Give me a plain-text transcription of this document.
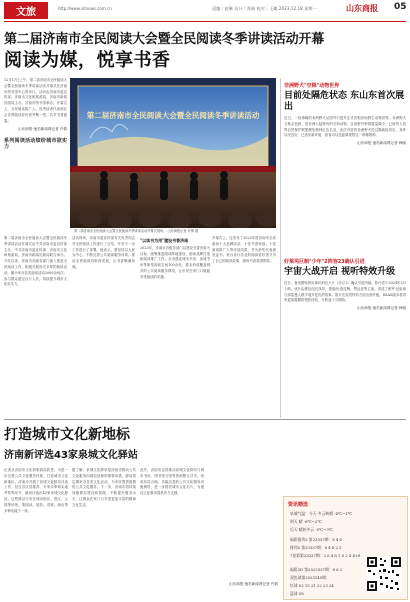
文旅	http://www.sdnews.com.cn	责编｜赵琳 设计｜苏瑞 校对｜王璐 2023.12.18 星期一	山东商报 05
第二届济南市全民阅读大会暨全民阅读冬季讲读活动开幕
阅读为媒，悦享书香
12月17日上午，第二届济南市全民阅读大会暨全民阅读冬季讲读活动开幕式在济南市图书馆中心馆举行。活动由济南市委宣传部、济南市文化和旅游局、济南市新闻出版局主办，济南市图书馆承办。开幕式上，全民阅读推广人、优秀读者代表和社会各界阅读爱好者齐聚一堂，共享书香盛宴。
山东商报·速豹新闻网记者 许倩
系列阅读活动缤纷城市欲实力
第二届济南市全民阅读大会暨全民阅读冬季讲读活动
第二届济南市全民阅读大会暨全民阅读冬季讲读活动开幕式现场。 山东商报记者 许倩 摄
第二届济南市全民阅读大会暨全民阅读冬季讲读活动开幕式由中共济南市委宣传部主办，中共济南市委宣传部、济南市文化和旅游局、济南市新闻出版局联合承办。今年以来，济南市各级各部门深入推进全民阅读工作，积极开展形式多样的阅读活动，累计举办各类阅读活动2000余场次，参与群众超过百万人次，持续提升城市文化软实力。
活动现场，济南市委宣传部有关负责同志对全民阅读工作进行了总结，并对下一步工作进行了部署。他表示，要坚持以人民为中心，不断完善公共阅读服务体系，推动全民阅读向纵深发展，让书香飘满泉城。
"以读书为用"建设书香济南
2023年，济南市各级各部门以建设书香济南为目标，统筹推进阅读阵地建设、阅读品牌打造和阅读推广工作。全市建成城市书房、泉城书房等新型阅读空间100余处，基本形成覆盖城乡的公共阅读服务网络，让市民在家门口就能享受阅读的乐趣。
开幕式上，还发布了2023年度济南市全民阅读十大品牌活动、十佳书香家庭、十佳阅读推广人等评选结果，并为获奖代表颁发证书。来自各行各业的阅读爱好者分享了自己的阅读故事，现场书香氛围浓厚。
非洲野犬"空降"动物世界
目前处隔危状态 东山东首次展出
近日，一批珍稀的非洲野犬从国外引进并正式亮相济南野生动物世界。非洲野犬又称杂色狼，是非洲大陆特有的犬科动物，目前野外种群数量稀少，已被列入世界自然保护联盟濒危物种红色名录。此次引进的非洲野犬经过隔离检疫后，身体状况良好，已适应新环境，游客可以近距离观察这一珍稀物种。
山东商报·速豹新闻网记者 韩晓
好莱坞巨制"少年"2阵容23确认引进
宇宙大战开启 视听特效升级
近日，备受期待的好莱坞科幻大片《沙丘2》确认引进内地，影片将于2024年3月上映。该片由维伦纽瓦执导，提莫西·查拉梅、赞达亚等主演，讲述了保罗·厄崔迪与弗雷曼人联手展开复仇的故事。影片在视觉特效方面全面升级，IMAX版本将带来更加震撼的观影体验，令影迷十分期待。
山东商报·速豹新闻网记者 韩晓
打造城市文化新地标
济南新评选43家泉城文化驿站
记者从济南市文化和旅游局获悉，为进一步完善公共文化服务体系，打造城市文化新地标，济南市开展了泉城文化驿站评选工作，经过各区县推荐、专家评审和实地考察等环节，最终评选出43家泉城文化驿站。这些驿站分布在城市街区、景区、公园等场所，集阅读、展览、讲座、演出等多种功能于一体。
据了解，泉城文化驿站是济南市推动公共文化服务向基层延伸的重要举措，驿站将定期举办各类文化活动，为市民提供便捷的公共文化服务。下一步，济南市将持续加强驿站建设和管理，不断提升服务水平，让群众在家门口享受更加丰富的精神文化生活。
此外，济南市还将推动泉城文化驿站与城市书房、图书馆分馆等资源整合共享，形成布局合理、功能完善的公共文化服务设施网络，进一步擦亮城市文化名片，为建设文化强市提供有力支撑。
山东商报·速豹新闻网记者 许倩
资讯精选
泉城气温：今天 多云转晴 -4℃~1℃
明天 晴 -6℃~2℃
后天 晴转多云 -5℃~3℃
福彩排列3 第23337期：8 4 6
排列5 第23337期：8 4 6 2 5
7星彩第23337期：2 6 4 8 1 6 2 4 4+8
福彩3D 第2023337期：8 6 2
双色球第2023145期：
红球 02 10 21 22 23 24
蓝球 08
